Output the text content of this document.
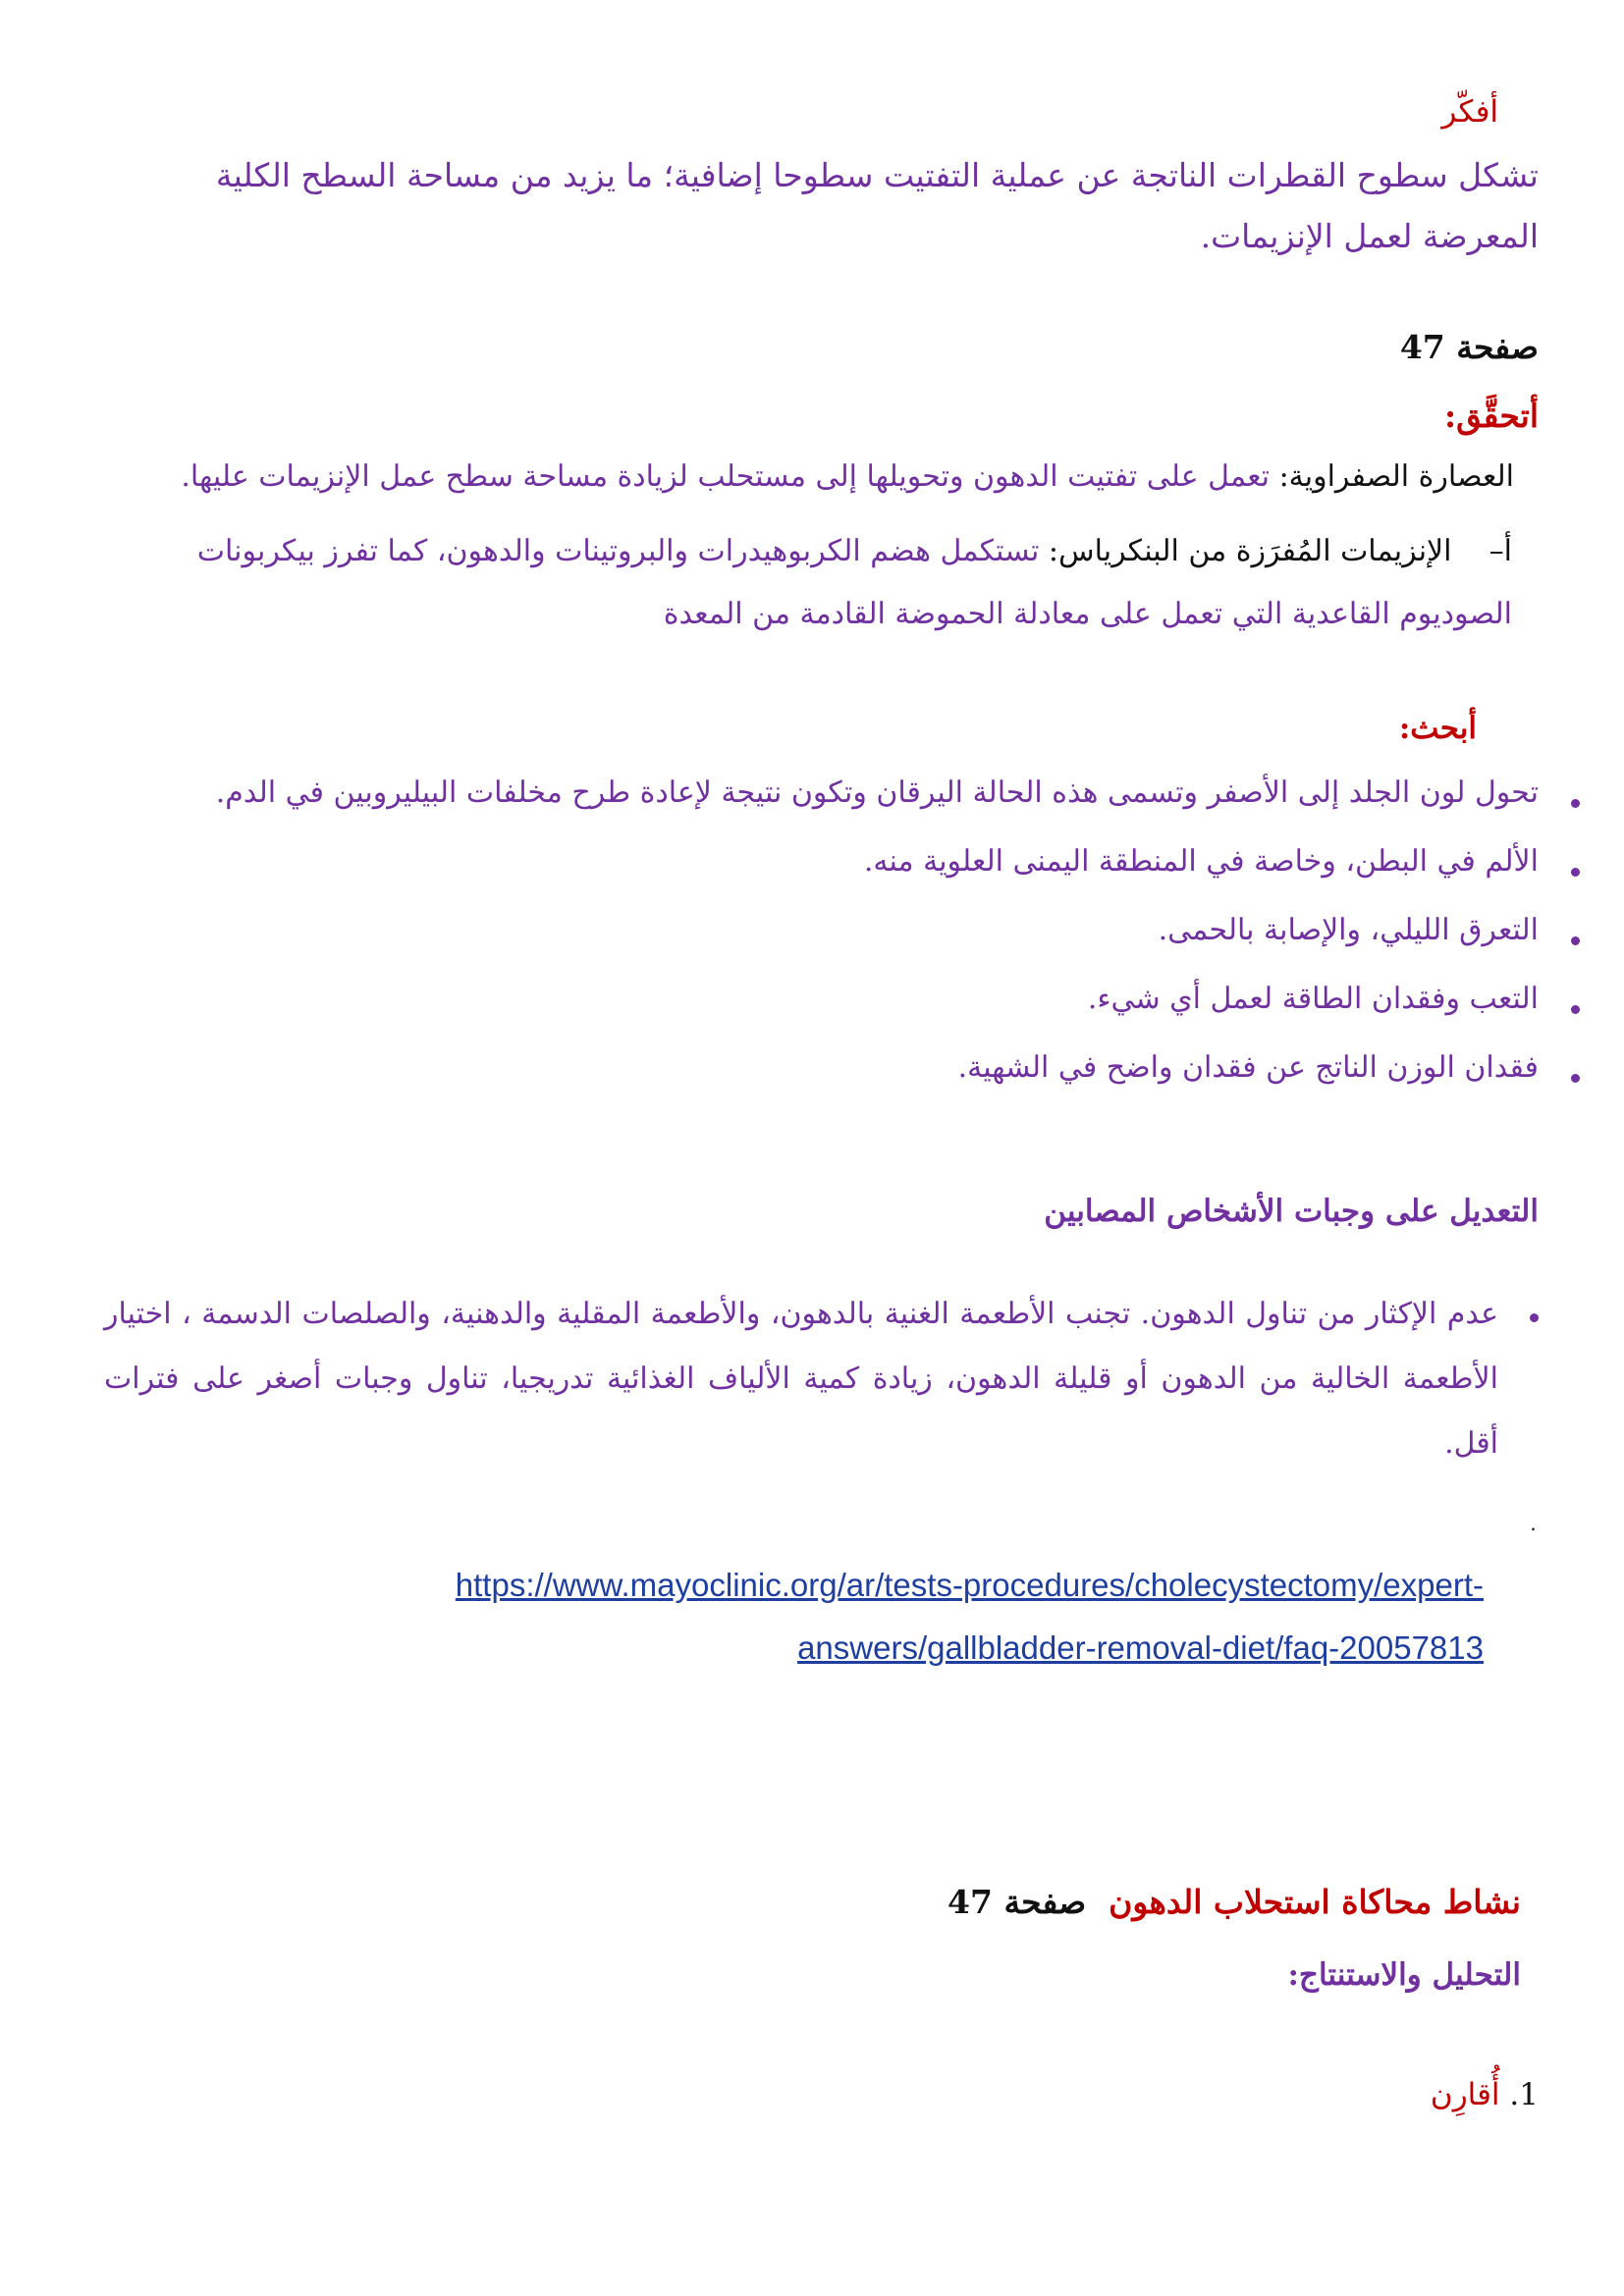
أفكّر
تشكل سطوح القطرات الناتجة عن عملية التفتيت سطوحا إضافية؛ ما يزيد من مساحة السطح الكلية المعرضة لعمل الإنزيمات.
صفحة 47
أتحقَّق:
العصارة الصفراوية: تعمل على تفتيت الدهون وتحويلها إلى مستحلب لزيادة مساحة سطح عمل الإنزيمات عليها.
أ–    الإنزيمات المُفرَزة من البنكرياس: تستكمل هضم الكربوهيدرات والبروتينات والدهون، كما تفرز بيكربونات الصوديوم القاعدية التي تعمل على معادلة الحموضة القادمة من المعدة
أبحث:
تحول لون الجلد إلى الأصفر وتسمى هذه الحالة اليرقان وتكون نتيجة لإعادة طرح مخلفات البيليروبين في الدم.
الألم في البطن، وخاصة في المنطقة اليمنى العلوية منه.
التعرق الليلي، والإصابة بالحمى.
التعب وفقدان الطاقة لعمل أي شيء.
فقدان الوزن الناتج عن فقدان واضح في الشهية.
التعديل على وجبات الأشخاص المصابين
عدم الإكثار من تناول الدهون. تجنب الأطعمة الغنية بالدهون، والأطعمة المقلية والدهنية، والصلصات الدسمة ، اختيار الأطعمة الخالية من الدهون أو قليلة الدهون، زيادة كمية الألياف الغذائية تدريجيا، تناول وجبات أصغر على فترات أقل.
.
https://www.mayoclinic.org/ar/tests-procedures/cholecystectomy/expert-
answers/gallbladder-removal-diet/faq-20057813
نشاط محاكاة استحلاب الدهون  صفحة 47
التحليل والاستنتاج:
1. أُقارِن
